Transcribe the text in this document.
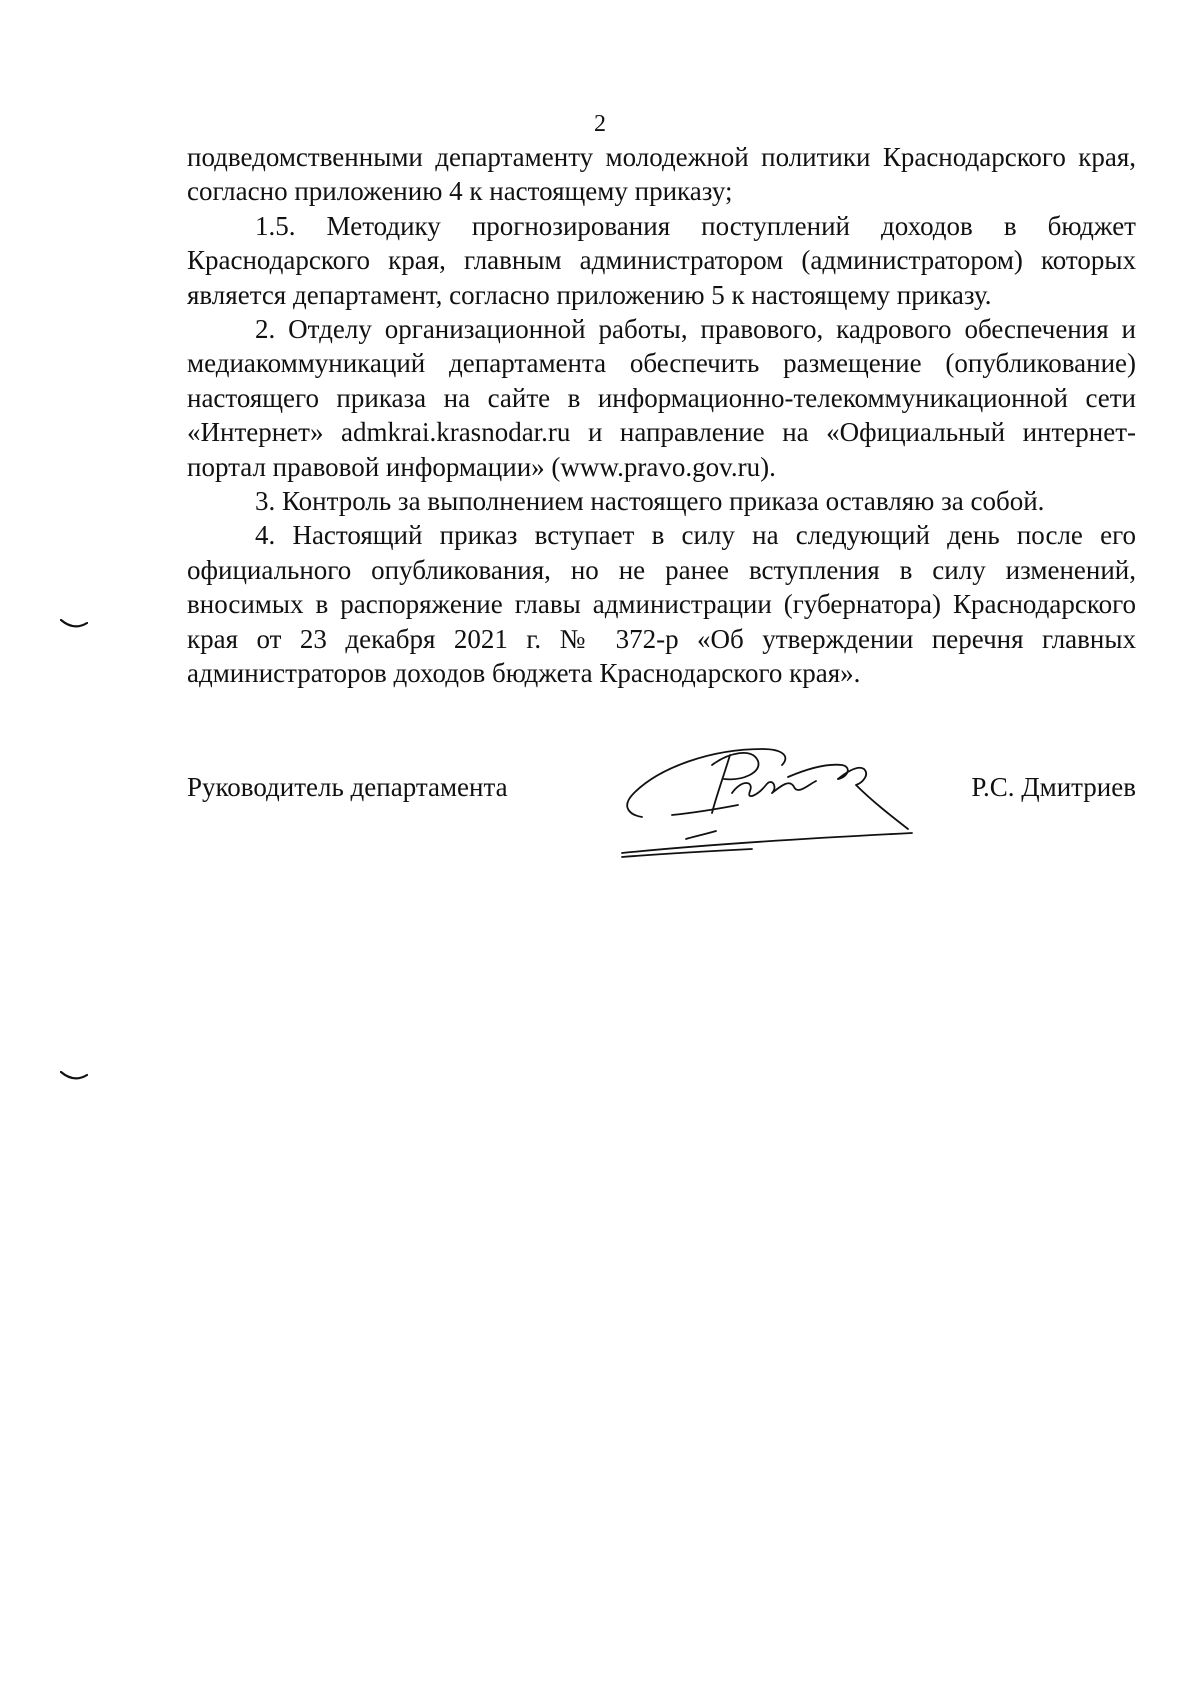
2

подведомственными департаменту молодежной политики Краснодарского края, согласно приложению 4 к настоящему приказу;

1.5. Методику прогнозирования поступлений доходов в бюджет Краснодарского края, главным администратором (администратором) которых является департамент, согласно приложению 5 к настоящему приказу.

2. Отделу организационной работы, правового, кадрового обеспечения и медиакоммуникаций департамента обеспечить размещение (опубликование) настоящего приказа на сайте в информационно-телекоммуникационной сети «Интернет» admkrai.krasnodar.ru и направление на «Официальный интернет-портал правовой информации» (www.pravo.gov.ru).

3. Контроль за выполнением настоящего приказа оставляю за собой.

4. Настоящий приказ вступает в силу на следующий день после его официального опубликования, но не ранее вступления в силу изменений, вносимых в распоряжение главы администрации (губернатора) Краснодарского края от 23 декабря 2021 г. № 372-р «Об утверждении перечня главных администраторов доходов бюджета Краснодарского края».

Руководитель департамента	Р.С. Дмитриев
